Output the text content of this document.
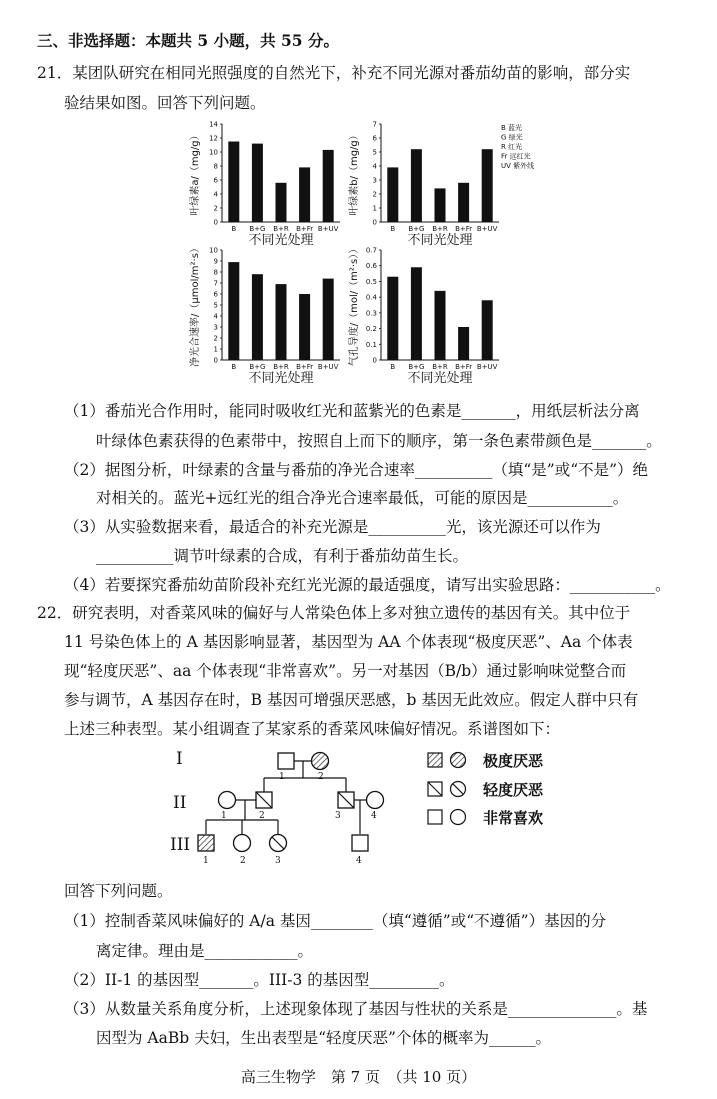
三、非选择题：本题共 5 小题，共 55 分。
21．某团队研究在相同光照强度的自然光下，补充不同光源对番茄幼苗的影响，部分实
验结果如图。回答下列问题。
0
2
4
6
8
10
12
14
B B+G B+R B+Fr B+UV
不同光处理
叶绿素a/（mg/g）
0
1
2
3
4
5
6
7
B B+G B+R B+Fr B+UV
不同光处理
叶绿素b/（mg/g）
B 蓝光
G 绿光
R 红光
Fr 远红光
UV 紫外线
0
1
2
3
4
5
6
7
8
9
10
B B+G B+R B+Fr B+UV
不同光处理
净光合速率/（μmol/m²·s）	0
0.1
0.2
0.3
0.4
0.5
0.6
0.7
B B+G B+R B+Fr B+UV
不同光处理
气孔导度/（mol/（m²·s））
（1）番茄光合作用时，能同时吸收红光和蓝紫光的色素是_______，用纸层析法分离
叶绿体色素获得的色素带中，按照自上而下的顺序，第一条色素带颜色是_______。
（2）据图分析，叶绿素的含量与番茄的净光合速率__________（填“是”或“不是”）绝
对相关的。蓝光+远红光的组合净光合速率最低，可能的原因是___________。
（3）从实验数据来看，最适合的补充光源是__________光，该光源还可以作为
__________调节叶绿素的合成，有利于番茄幼苗生长。
（4）若要探究番茄幼苗阶段补充红光光源的最适强度，请写出实验思路：___________。
22．研究表明，对香菜风味的偏好与人常染色体上多对独立遗传的基因有关。其中位于
11 号染色体上的 A 基因影响显著，基因型为 AA 个体表现“极度厌恶”、Aa 个体表
现“轻度厌恶”、aa 个体表现“非常喜欢”。另一对基因（B/b）通过影响味觉整合而
参与调节，A 基因存在时，B 基因可增强厌恶感，b 基因无此效应。假定人群中只有
上述三种表型。某小组调查了某家系的香菜风味偏好情况。系谱图如下：
I
II
III
1	2
1	2	3	4
1	2	3	4
极度厌恶
轻度厌恶
非常喜欢
回答下列问题。
（1）控制香菜风味偏好的 A/a 基因________（填“遵循”或“不遵循”）基因的分
离定律。理由是____________。
（2）II-1 的基因型_______。III-3 的基因型_________。
（3）从数量关系角度分析，上述现象体现了基因与性状的关系是______________。基
因型为 AaBb 夫妇，生出表型是“轻度厌恶”个体的概率为______。
高三生物学　第 7 页　（共 10 页）
